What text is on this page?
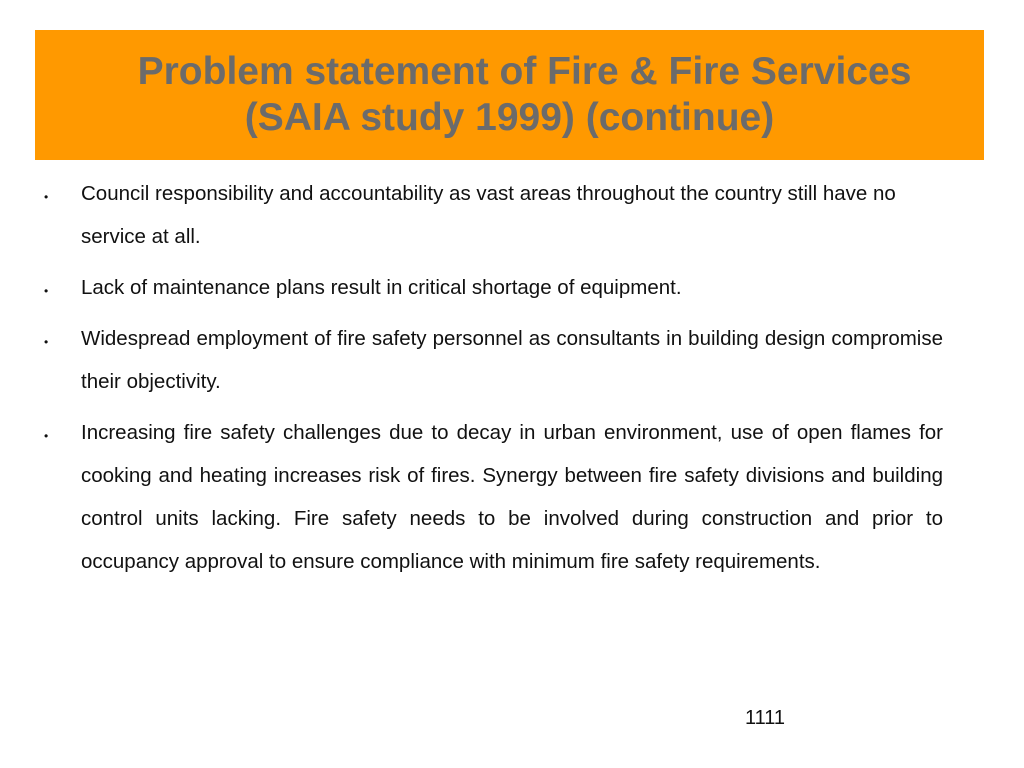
Problem statement of Fire & Fire Services
(SAIA study 1999) (continue)
• Council responsibility and accountability as vast areas throughout the country still have no service at all.
• Lack of maintenance plans result in critical shortage of equipment.
• Widespread employment of fire safety personnel as consultants in building design compromise their objectivity.
• Increasing fire safety challenges due to decay in urban environment, use of open flames for cooking and heating increases risk of fires. Synergy between fire safety divisions and building control units lacking. Fire safety needs to be involved during construction and prior to occupancy approval to ensure compliance with minimum fire safety requirements.
1111
